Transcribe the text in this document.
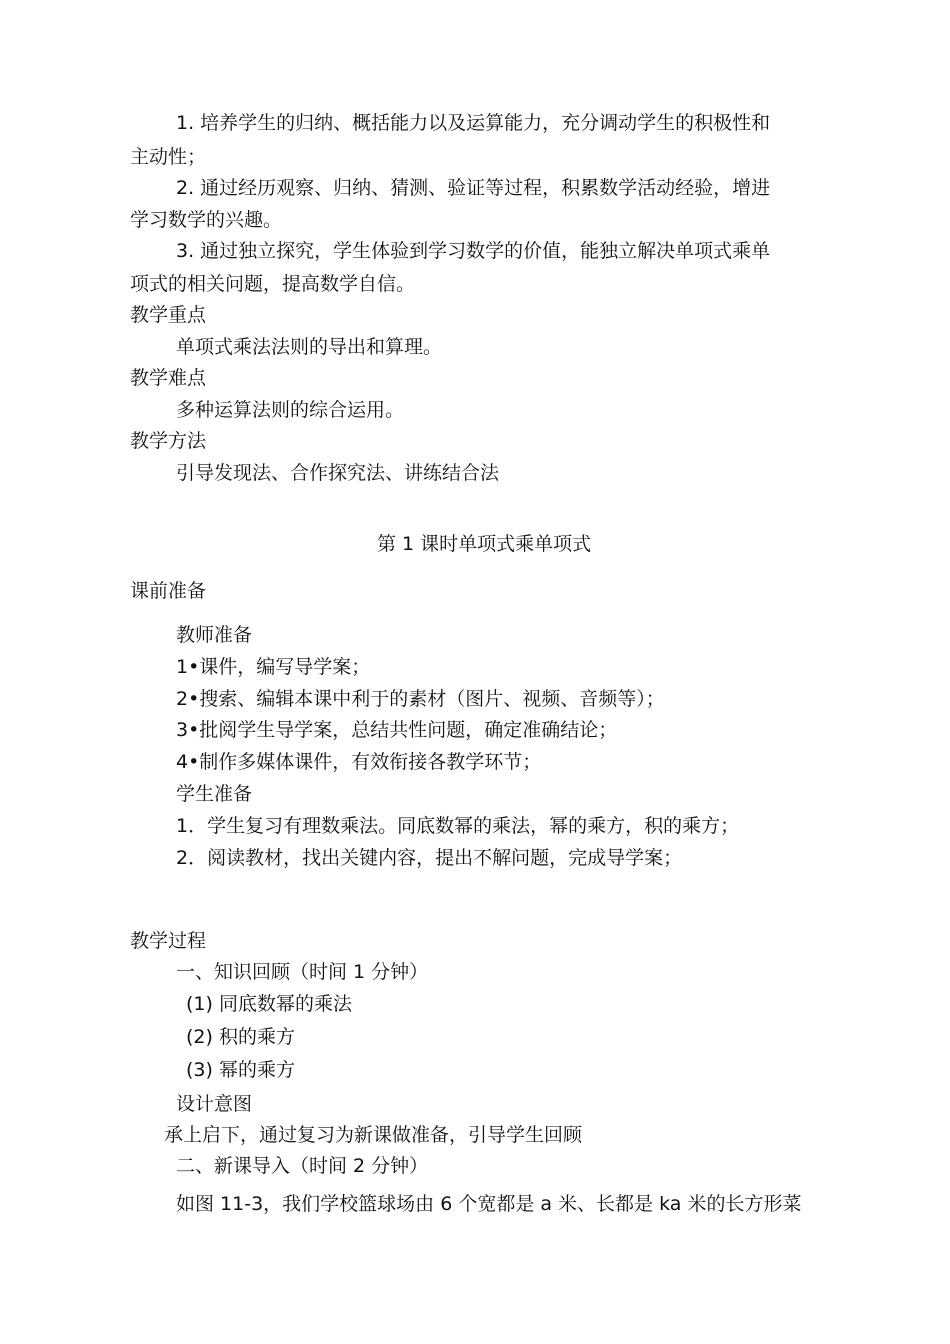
1. 培养学生的归纳、概括能力以及运算能力，充分调动学生的积极性和

主动性；

2. 通过经历观察、归纳、猜测、验证等过程，积累数学活动经验，增进

学习数学的兴趣。

3. 通过独立探究，学生体验到学习数学的价值，能独立解决单项式乘单

项式的相关问题，提高数学自信。

教学重点

单项式乘法法则的导出和算理。

教学难点

多种运算法则的综合运用。

教学方法

引导发现法、合作探究法、讲练结合法

第 1 课时单项式乘单项式

课前准备

教师准备

1•课件，编写导学案；

2•搜索、编辑本课中利于的素材（图片、视频、音频等）；

3•批阅学生导学案，总结共性问题，确定准确结论；

4•制作多媒体课件，有效衔接各教学环节；

学生准备

1．学生复习有理数乘法。同底数幂的乘法，幂的乘方，积的乘方；

2．阅读教材，找出关键内容，提出不解问题，完成导学案；

教学过程

一、知识回顾（时间 1 分钟）

(1) 同底数幂的乘法

(2) 积的乘方

(3) 幂的乘方

设计意图

承上启下，通过复习为新课做准备，引导学生回顾

二、新课导入（时间 2 分钟）

如图 11-3，我们学校篮球场由 6 个宽都是 a 米、长都是 ka 米的长方形菜
